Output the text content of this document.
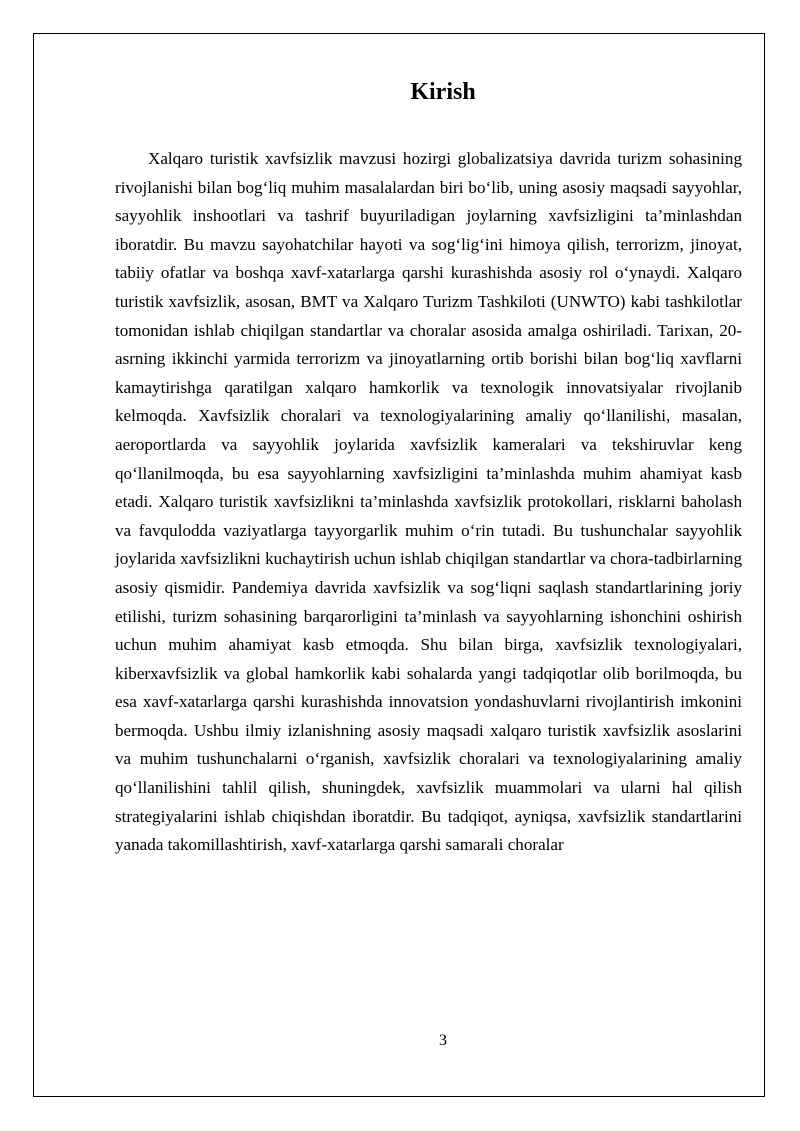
Kirish

Xalqaro turistik xavfsizlik mavzusi hozirgi globalizatsiya davrida turizm sohasining rivojlanishi bilan bog‘liq muhim masalalardan biri bo‘lib, uning asosiy maqsadi sayyohlar, sayyohlik inshootlari va tashrif buyuriladigan joylarning xavfsizligini ta’minlashdan iboratdir. Bu mavzu sayohatchilar hayoti va sog‘lig‘ini himoya qilish, terrorizm, jinoyat, tabiiy ofatlar va boshqa xavf-xatarlarga qarshi kurashishda asosiy rol o‘ynaydi. Xalqaro turistik xavfsizlik, asosan, BMT va Xalqaro Turizm Tashkiloti (UNWTO) kabi tashkilotlar tomonidan ishlab chiqilgan standartlar va choralar asosida amalga oshiriladi. Tarixan, 20-asrning ikkinchi yarmida terrorizm va jinoyatlarning ortib borishi bilan bog‘liq xavflarni kamaytirishga qaratilgan xalqaro hamkorlik va texnologik innovatsiyalar rivojlanib kelmoqda. Xavfsizlik choralari va texnologiyalarining amaliy qo‘llanilishi, masalan, aeroportlarda va sayyohlik joylarida xavfsizlik kameralari va tekshiruvlar keng qo‘llanilmoqda, bu esa sayyohlarning xavfsizligini ta’minlashda muhim ahamiyat kasb etadi. Xalqaro turistik xavfsizlikni ta’minlashda xavfsizlik protokollari, risklarni baholash va favqulodda vaziyatlarga tayyorgarlik muhim o‘rin tutadi. Bu tushunchalar sayyohlik joylarida xavfsizlikni kuchaytirish uchun ishlab chiqilgan standartlar va chora-tadbirlarning asosiy qismidir. Pandemiya davrida xavfsizlik va sog‘liqni saqlash standartlarining joriy etilishi, turizm sohasining barqarorligini ta’minlash va sayyohlarning ishonchini oshirish uchun muhim ahamiyat kasb etmoqda. Shu bilan birga, xavfsizlik texnologiyalari, kiberxavfsizlik va global hamkorlik kabi sohalarda yangi tadqiqotlar olib borilmoqda, bu esa xavf-xatarlarga qarshi kurashishda innovatsion yondashuvlarni rivojlantirish imkonini bermoqda. Ushbu ilmiy izlanishning asosiy maqsadi xalqaro turistik xavfsizlik asoslarini va muhim tushunchalarni o‘rganish, xavfsizlik choralari va texnologiyalarining amaliy qo‘llanilishini tahlil qilish, shuningdek, xavfsizlik muammolari va ularni hal qilish strategiyalarini ishlab chiqishdan iboratdir. Bu tadqiqot, ayniqsa, xavfsizlik standartlarini yanada takomillashtirish, xavf-xatarlarga qarshi samarali choralar

3
